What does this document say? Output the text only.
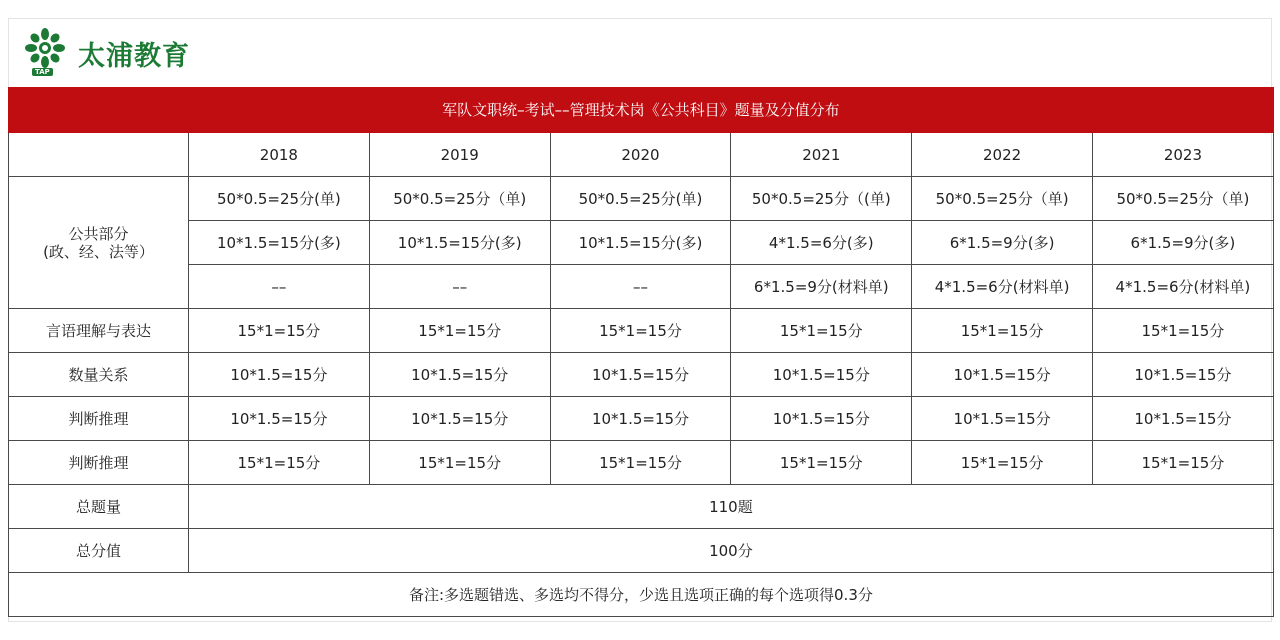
TAP
太浦教育
军队文职统–考试––管理技术岗《公共科目》题量及分值分布						
	2018	2019	2020	2021	2022	2023

公共部分
(政、经、法等）	50*0.5=25分(单)	50*0.5=25分（单)	50*0.5=25分(单)	50*0.5=25分（(单)	50*0.5=25分（单)	50*0.5=25分（单)
	10*1.5=15分(多)	10*1.5=15分(多)	10*1.5=15分(多)	4*1.5=6分(多)	6*1.5=9分(多)	6*1.5=9分(多)
	––	––	––	6*1.5=9分(材料单)	4*1.5=6分(材料单)	4*1.5=6分(材料单)
言语理解与表达	15*1=15分	15*1=15分	15*1=15分	15*1=15分	15*1=15分	15*1=15分
数量关系	10*1.5=15分	10*1.5=15分	10*1.5=15分	10*1.5=15分	10*1.5=15分	10*1.5=15分
判断推理	10*1.5=15分	10*1.5=15分	10*1.5=15分	10*1.5=15分	10*1.5=15分	10*1.5=15分
判断推理	15*1=15分	15*1=15分	15*1=15分	15*1=15分	15*1=15分	15*1=15分
总题量	110题					
总分值	100分					
备注:多选题错选、多选均不得分，少选且选项正确的每个选项得0.3分						
